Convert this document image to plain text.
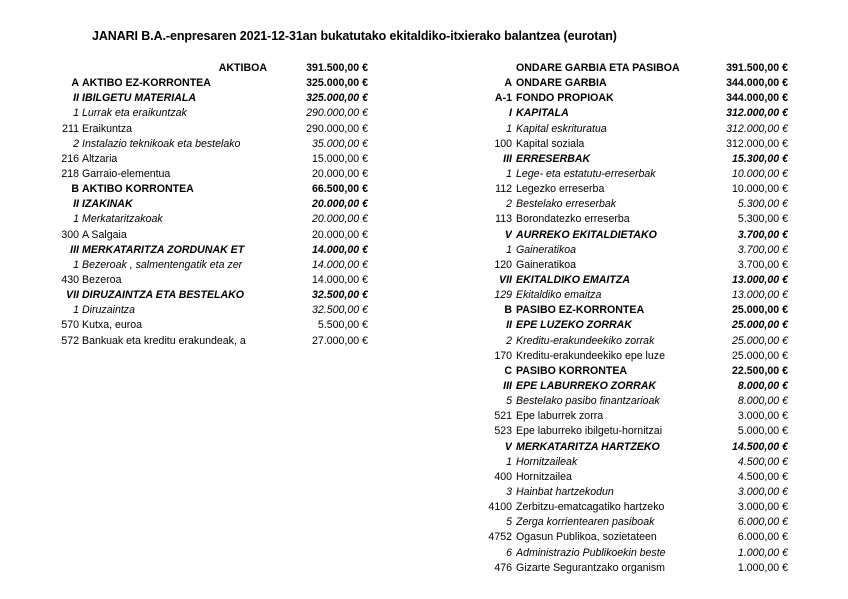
JANARI B.A.-enpresaren 2021-12-31an bukatutako ekitaldiko-itxierako balantzea (eurotan)
AKTIBOA	391.500,00 €
A AKTIBO EZ-KORRONTEA	325.000,00 €
II IBILGETU MATERIALA	325.000,00 €
1 Lurrak eta eraikuntzak	290.000,00 €
211 Eraikuntza	290.000,00 €
2 Instalazio teknikoak eta bestelako	35.000,00 €
216 Altzaria	15.000,00 €
218 Garraio-elementua	20.000,00 €
B AKTIBO KORRONTEA	66.500,00 €
II IZAKINAK	20.000,00 €
1 Merkataritzakoak	20.000,00 €
300 A Salgaia	20.000,00 €
III MERKATARITZA ZORDUNAK ET	14.000,00 €
1 Bezeroak , salmentengatik eta zer	14.000,00 €
430 Bezeroa	14.000,00 €
VII DIRUZAINTZA ETA BESTELAKO	32.500,00 €
1 Diruzaintza	32.500,00 €
570 Kutxa, euroa	5.500,00 €
572 Bankuak eta kreditu erakundeak, a	27.000,00 €
ONDARE GARBIA ETA PASIBOA	391.500,00 €
A ONDARE GARBIA	344.000,00 €
A-1 FONDO PROPIOAK	344.000,00 €
I KAPITALA	312.000,00 €
1 Kapital eskrituratua	312.000,00 €
100 Kapital soziala	312.000,00 €
III ERRESERBAK	15.300,00 €
1 Lege- eta estatutu-erreserbak	10.000,00 €
112 Legezko erreserba	10.000,00 €
2 Bestelako erreserbak	5.300,00 €
113 Borondatezko erreserba	5.300,00 €
V AURREKO EKITALDIETAKO	3.700,00 €
1 Gaineratikoa	3.700,00 €
120 Gaineratikoa	3.700,00 €
VII EKITALDIKO EMAITZA	13.000,00 €
129 Ekitaldiko emaitza	13.000,00 €
B PASIBO EZ-KORRONTEA	25.000,00 €
II EPE LUZEKO ZORRAK	25.000,00 €
2 Kreditu-erakundeekiko zorrak	25.000,00 €
170 Kreditu-erakundeekiko epe luze	25.000,00 €
C PASIBO KORRONTEA	22.500,00 €
III EPE LABURREKO ZORRAK	8.000,00 €
5 Bestelako pasibo finantzarioak	8.000,00 €
521 Epe laburrek zorra	3.000,00 €
523 Epe laburreko ibilgetu-hornitzai	5.000,00 €
V MERKATARITZA HARTZEKO	14.500,00 €
1 Hornitzaileak	4.500,00 €
400 Hornitzailea	4.500,00 €
3 Hainbat hartzekodun	3.000,00 €
4100 Zerbitzu-ematcagatiko hartzeko	3.000,00 €
5 Zerga korrientearen pasiboak	6.000,00 €
4752 Ogasun Publikoa, sozietateen	6.000,00 €
6 Administrazio Publikoekin beste	1.000,00 €
476 Gizarte Segurantzako organism	1.000,00 €
